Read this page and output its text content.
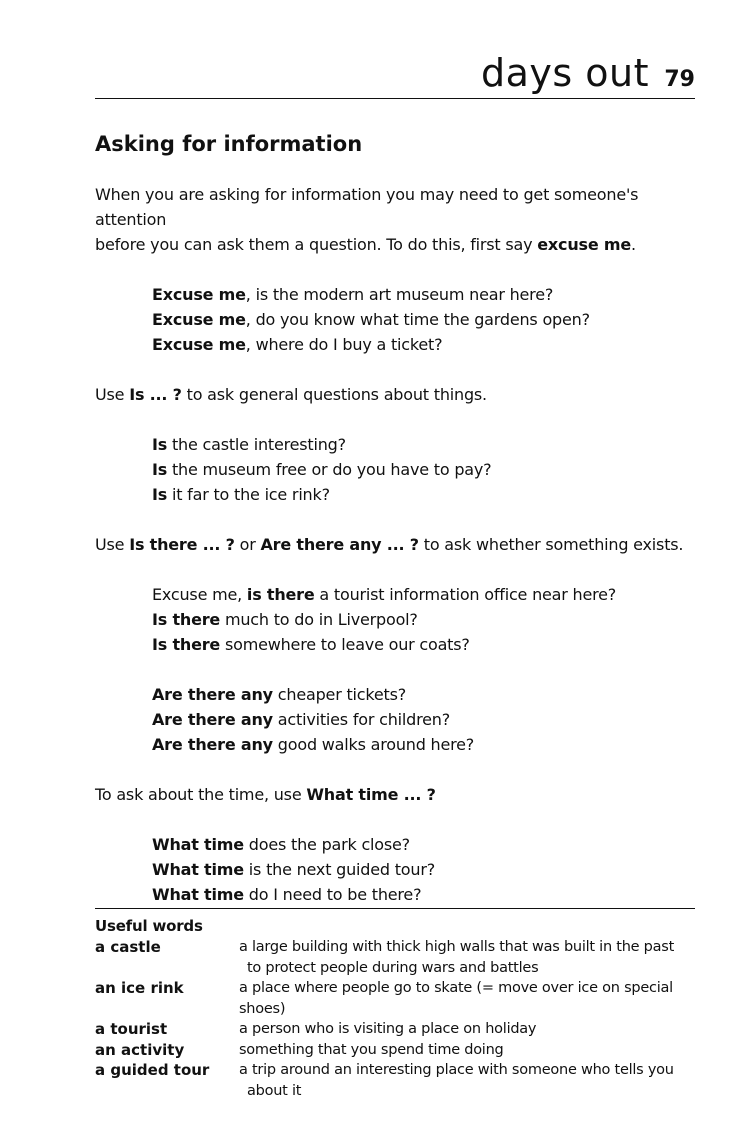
days out 79
Asking for information

When you are asking for information you may need to get someone's attention

before you can ask them a question. To do this, first say excuse me.

Excuse me, is the modern art museum near here?

Excuse me, do you know what time the gardens open?

Excuse me, where do I buy a ticket?

Use Is ... ? to ask general questions about things.

Is the castle interesting?

Is the museum free or do you have to pay?

Is it far to the ice rink?

Use Is there ... ? or Are there any ... ? to ask whether something exists.

Excuse me, is there a tourist information office near here?

Is there much to do in Liverpool?

Is there somewhere to leave our coats?

Are there any cheaper tickets?

Are there any activities for children?

Are there any good walks around here?

To ask about the time, use What time ... ?

What time does the park close?

What time is the next guided tour?

What time do I need to be there?

Useful words

a castle	a large building with thick high walls that was built in the past
to protect people during wars and battles
an ice rink	a place where people go to skate (= move over ice on special shoes)
a tourist	a person who is visiting a place on holiday
an activity	something that you spend time doing
a guided tour	a trip around an interesting place with someone who tells you
about it
